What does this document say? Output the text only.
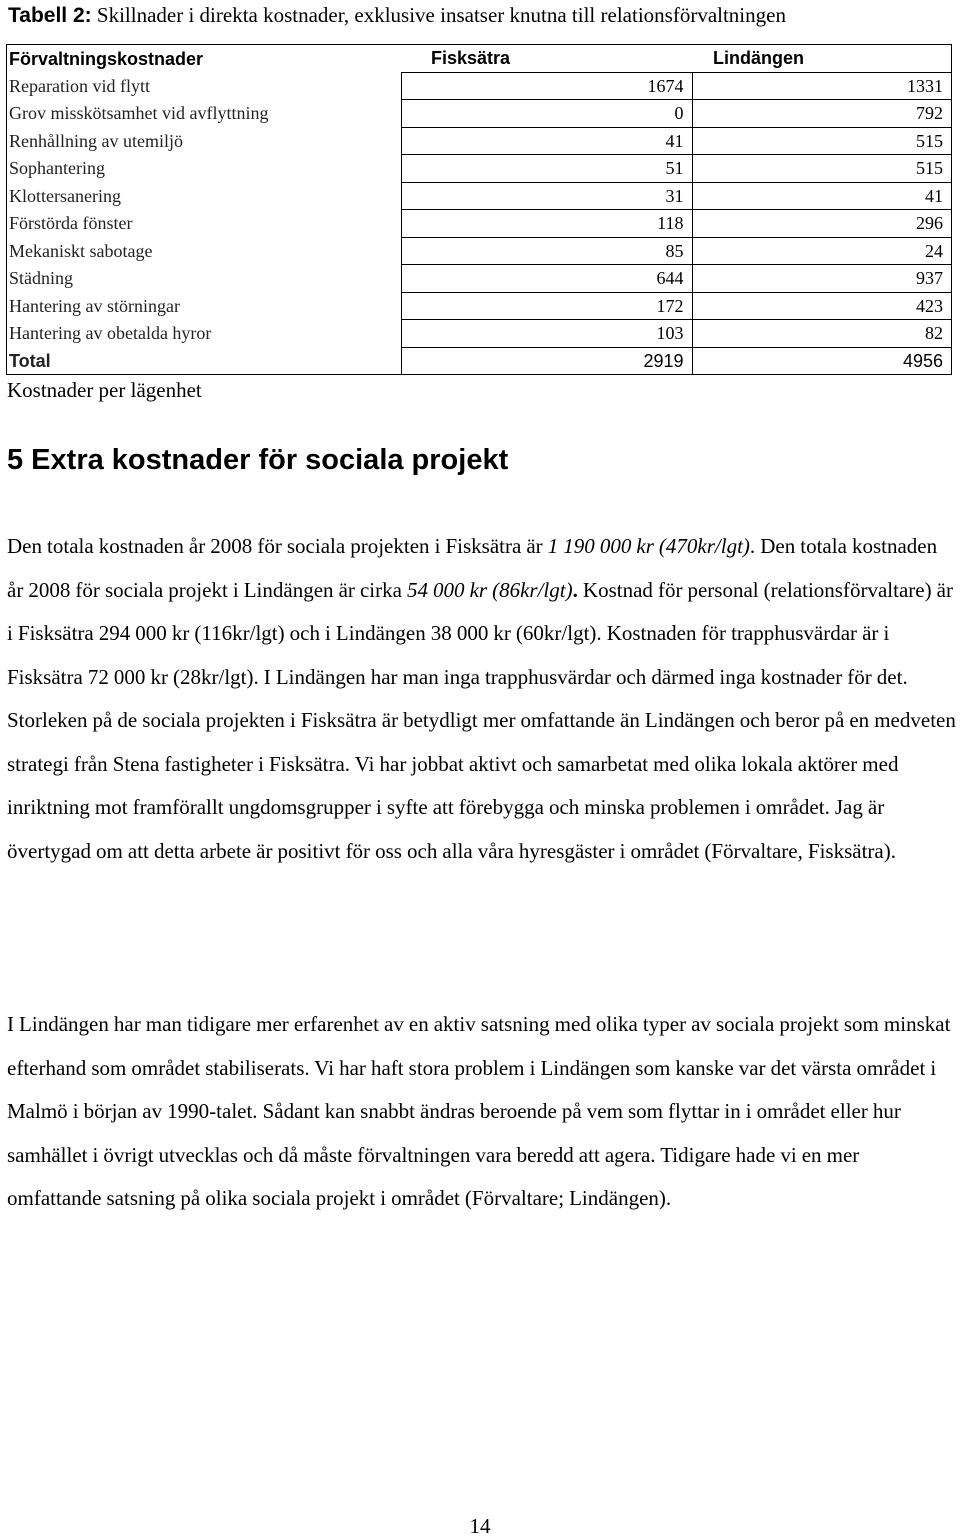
Tabell 2: Skillnader i direkta kostnader, exklusive insatser knutna till relationsförvaltningen
Förvaltningskostnader	Fisksätra	Lindängen
Reparation vid flytt	1674	1331
Grov misskötsamhet vid avflyttning	0	792
Renhållning av utemiljö	41	515
Sophantering	51	515
Klottersanering	31	41
Förstörda fönster	118	296
Mekaniskt sabotage	85	24
Städning	644	937
Hantering av störningar	172	423
Hantering av obetalda hyror	103	82
Total	2919	4956
Kostnader per lägenhet
5 Extra kostnader för sociala projekt

Den totala kostnaden år 2008 för sociala projekten i Fisksätra är 1 190 000 kr (470kr/lgt). Den totala kostnaden år 2008 för sociala projekt i Lindängen är cirka 54 000 kr (86kr/lgt). Kostnad för personal (relationsförvaltare) är i Fisksätra 294 000 kr (116kr/lgt) och i Lindängen 38 000 kr (60kr/lgt). Kostnaden för trapphusvärdar är i Fisksätra 72 000 kr (28kr/lgt). I Lindängen har man inga trapphusvärdar och därmed inga kostnader för det. Storleken på de sociala projekten i Fisksätra är betydligt mer omfattande än Lindängen och beror på en medveten strategi från Stena fastigheter i Fisksätra. Vi har jobbat aktivt och samarbetat med olika lokala aktörer med inriktning mot framförallt ungdomsgrupper i syfte att förebygga och minska problemen i området. Jag är övertygad om att detta arbete är positivt för oss och alla våra hyresgäster i området (Förvaltare, Fisksätra).

I Lindängen har man tidigare mer erfarenhet av en aktiv satsning med olika typer av sociala projekt som minskat efterhand som området stabiliserats. Vi har haft stora problem i Lindängen som kanske var det värsta området i Malmö i början av 1990-talet. Sådant kan snabbt ändras beroende på vem som flyttar in i området eller hur samhället i övrigt utvecklas och då måste förvaltningen vara beredd att agera. Tidigare hade vi en mer omfattande satsning på olika sociala projekt i området (Förvaltare; Lindängen).

14
